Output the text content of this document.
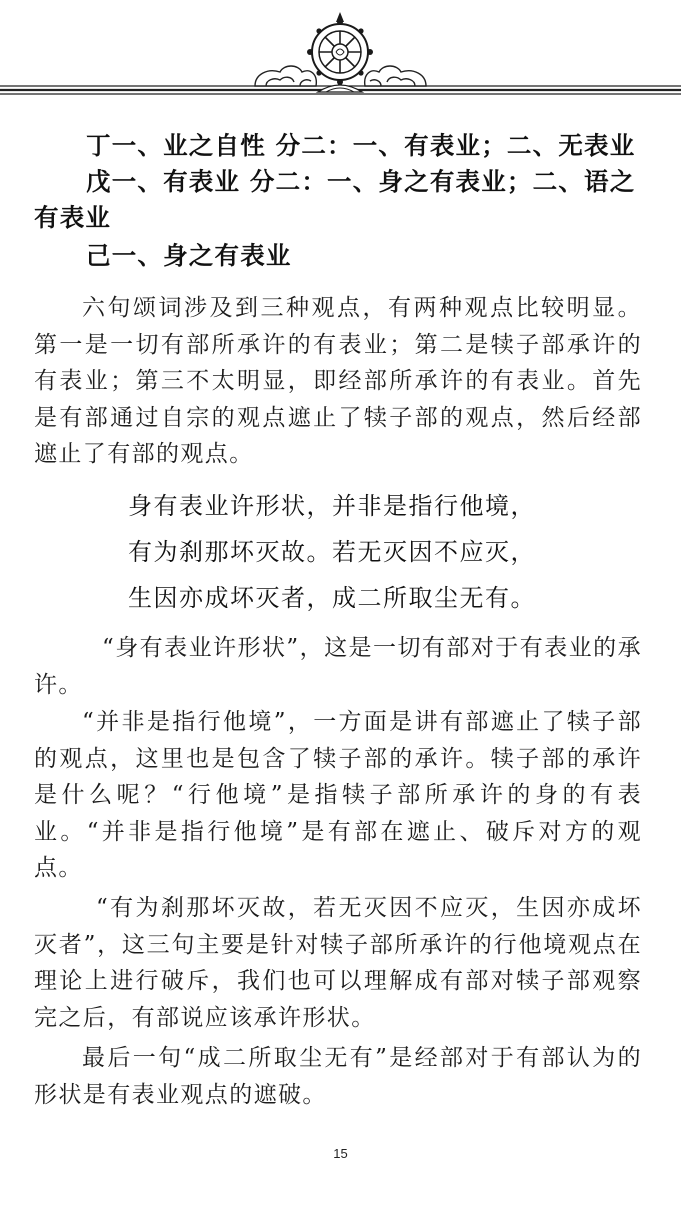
丁一、业之自性 分二：一、有表业；二、无表业
戊一、有表业 分二：一、身之有表业；二、语之有表业
己一、身之有表业

六句颂词涉及到三种观点，有两种观点比较明显。第一是一切有部所承许的有表业；第二是犊子部承许的有表业；第三不太明显，即经部所承许的有表业。首先是有部通过自宗的观点遮止了犊子部的观点，然后经部遮止了有部的观点。

身有表业许形状，并非是指行他境，

有为刹那坏灭故。若无灭因不应灭，

生因亦成坏灭者，成二所取尘无有。

“身有表业许形状”，这是一切有部对于有表业的承许。

“并非是指行他境”，一方面是讲有部遮止了犊子部的观点，这里也是包含了犊子部的承许。犊子部的承许是什么呢？“行他境”是指犊子部所承许的身的有表业。“并非是指行他境”是有部在遮止、破斥对方的观点。

“有为刹那坏灭故，若无灭因不应灭，生因亦成坏灭者”，这三句主要是针对犊子部所承许的行他境观点在理论上进行破斥，我们也可以理解成有部对犊子部观察完之后，有部说应该承许形状。

最后一句“成二所取尘无有”是经部对于有部认为的形状是有表业观点的遮破。

15
